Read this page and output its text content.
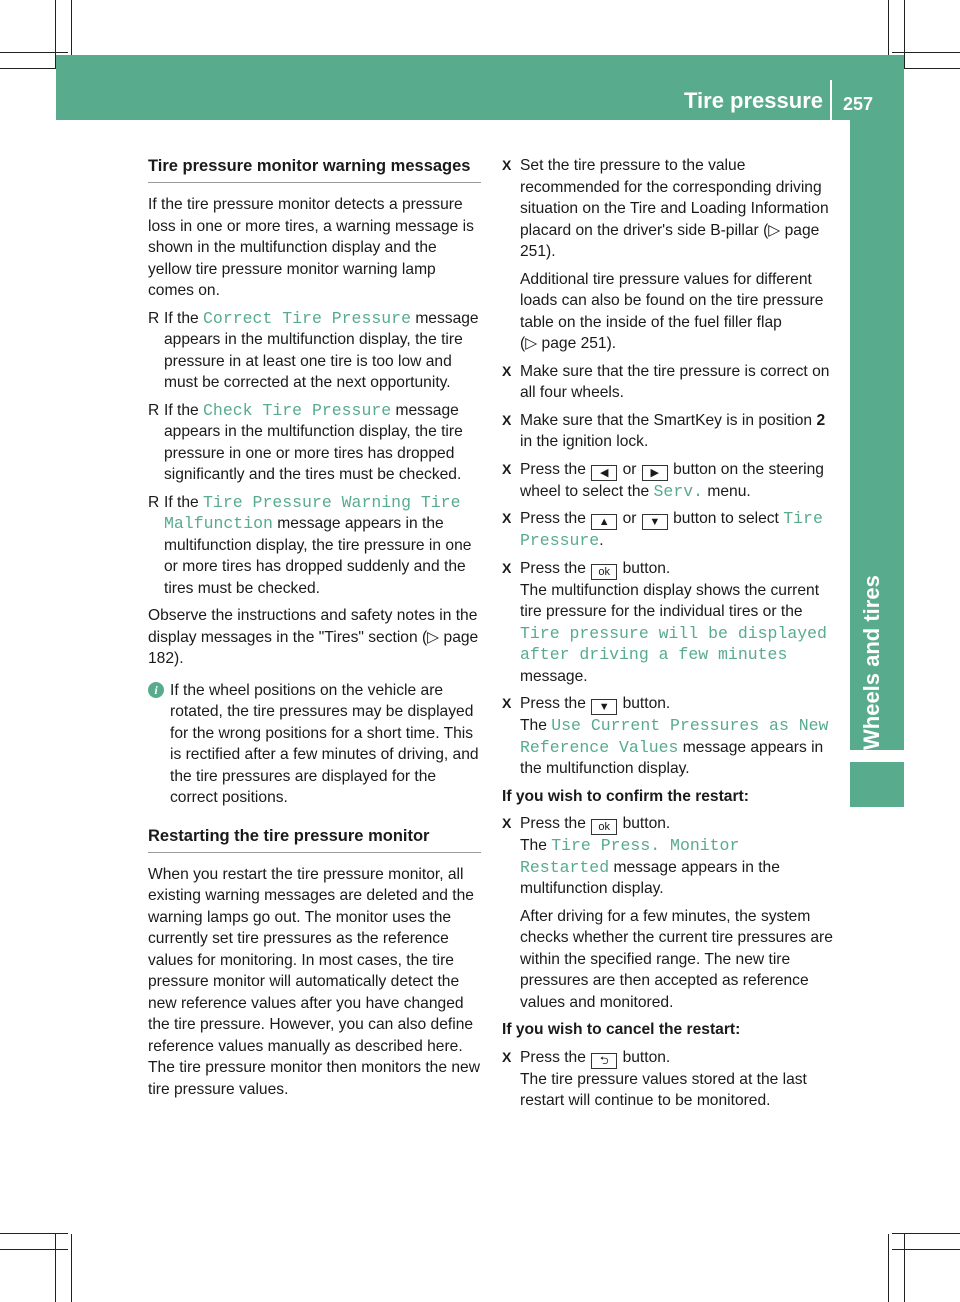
Tire pressure 257
Wheels and tires
Tire pressure monitor warning messages

If the tire pressure monitor detects a pressure loss in one or more tires, a warning message is shown in the multifunction display and the yellow tire pressure monitor warning lamp comes on.

R If the Correct Tire Pressure message appears in the multifunction display, the tire pressure in at least one tire is too low and must be corrected at the next opportunity.
R If the Check Tire Pressure message appears in the multifunction display, the tire pressure in one or more tires has dropped significantly and the tires must be checked.
R If the Tire Pressure Warning Tire Malfunction message appears in the multifunction display, the tire pressure in one or more tires has dropped suddenly and the tires must be checked.

Observe the instructions and safety notes in the display messages in the "Tires" section (▷ page 182).

i If the wheel positions on the vehicle are rotated, the tire pressures may be displayed for the wrong positions for a short time. This is rectified after a few minutes of driving, and the tire pressures are displayed for the correct positions.
Restarting the tire pressure monitor

When you restart the tire pressure monitor, all existing warning messages are deleted and the warning lamps go out. The monitor uses the currently set tire pressures as the reference values for monitoring. In most cases, the tire pressure monitor will automatically detect the new reference values after you have changed the tire pressure. However, you can also define reference values manually as described here. The tire pressure monitor then monitors the new tire pressure values.

X Set the tire pressure to the value recommended for the corresponding driving situation on the Tire and Loading Information placard on the driver's side B-pillar (▷ page 251).

Additional tire pressure values for different loads can also be found on the tire pressure table on the inside of the fuel filler flap (▷ page 251).

X Make sure that the tire pressure is correct on all four wheels.
X Make sure that the SmartKey is in position 2 in the ignition lock.
X Press the ◀ or ▶ button on the steering wheel to select the Serv. menu.
X Press the ▲ or ▼ button to select Tire Pressure.
X Press the ok button.
The multifunction display shows the current tire pressure for the individual tires or the Tire pressure will be displayed after driving a few minutes message.
X Press the ▼ button.
The Use Current Pressures as New Reference Values message appears in the multifunction display.

If you wish to confirm the restart:

X Press the ok button.
The Tire Press. Monitor Restarted message appears in the multifunction display.

After driving for a few minutes, the system checks whether the current tire pressures are within the specified range. The new tire pressures are then accepted as reference values and monitored.

If you wish to cancel the restart:

X Press the ⮌ button.
The tire pressure values stored at the last restart will continue to be monitored.
